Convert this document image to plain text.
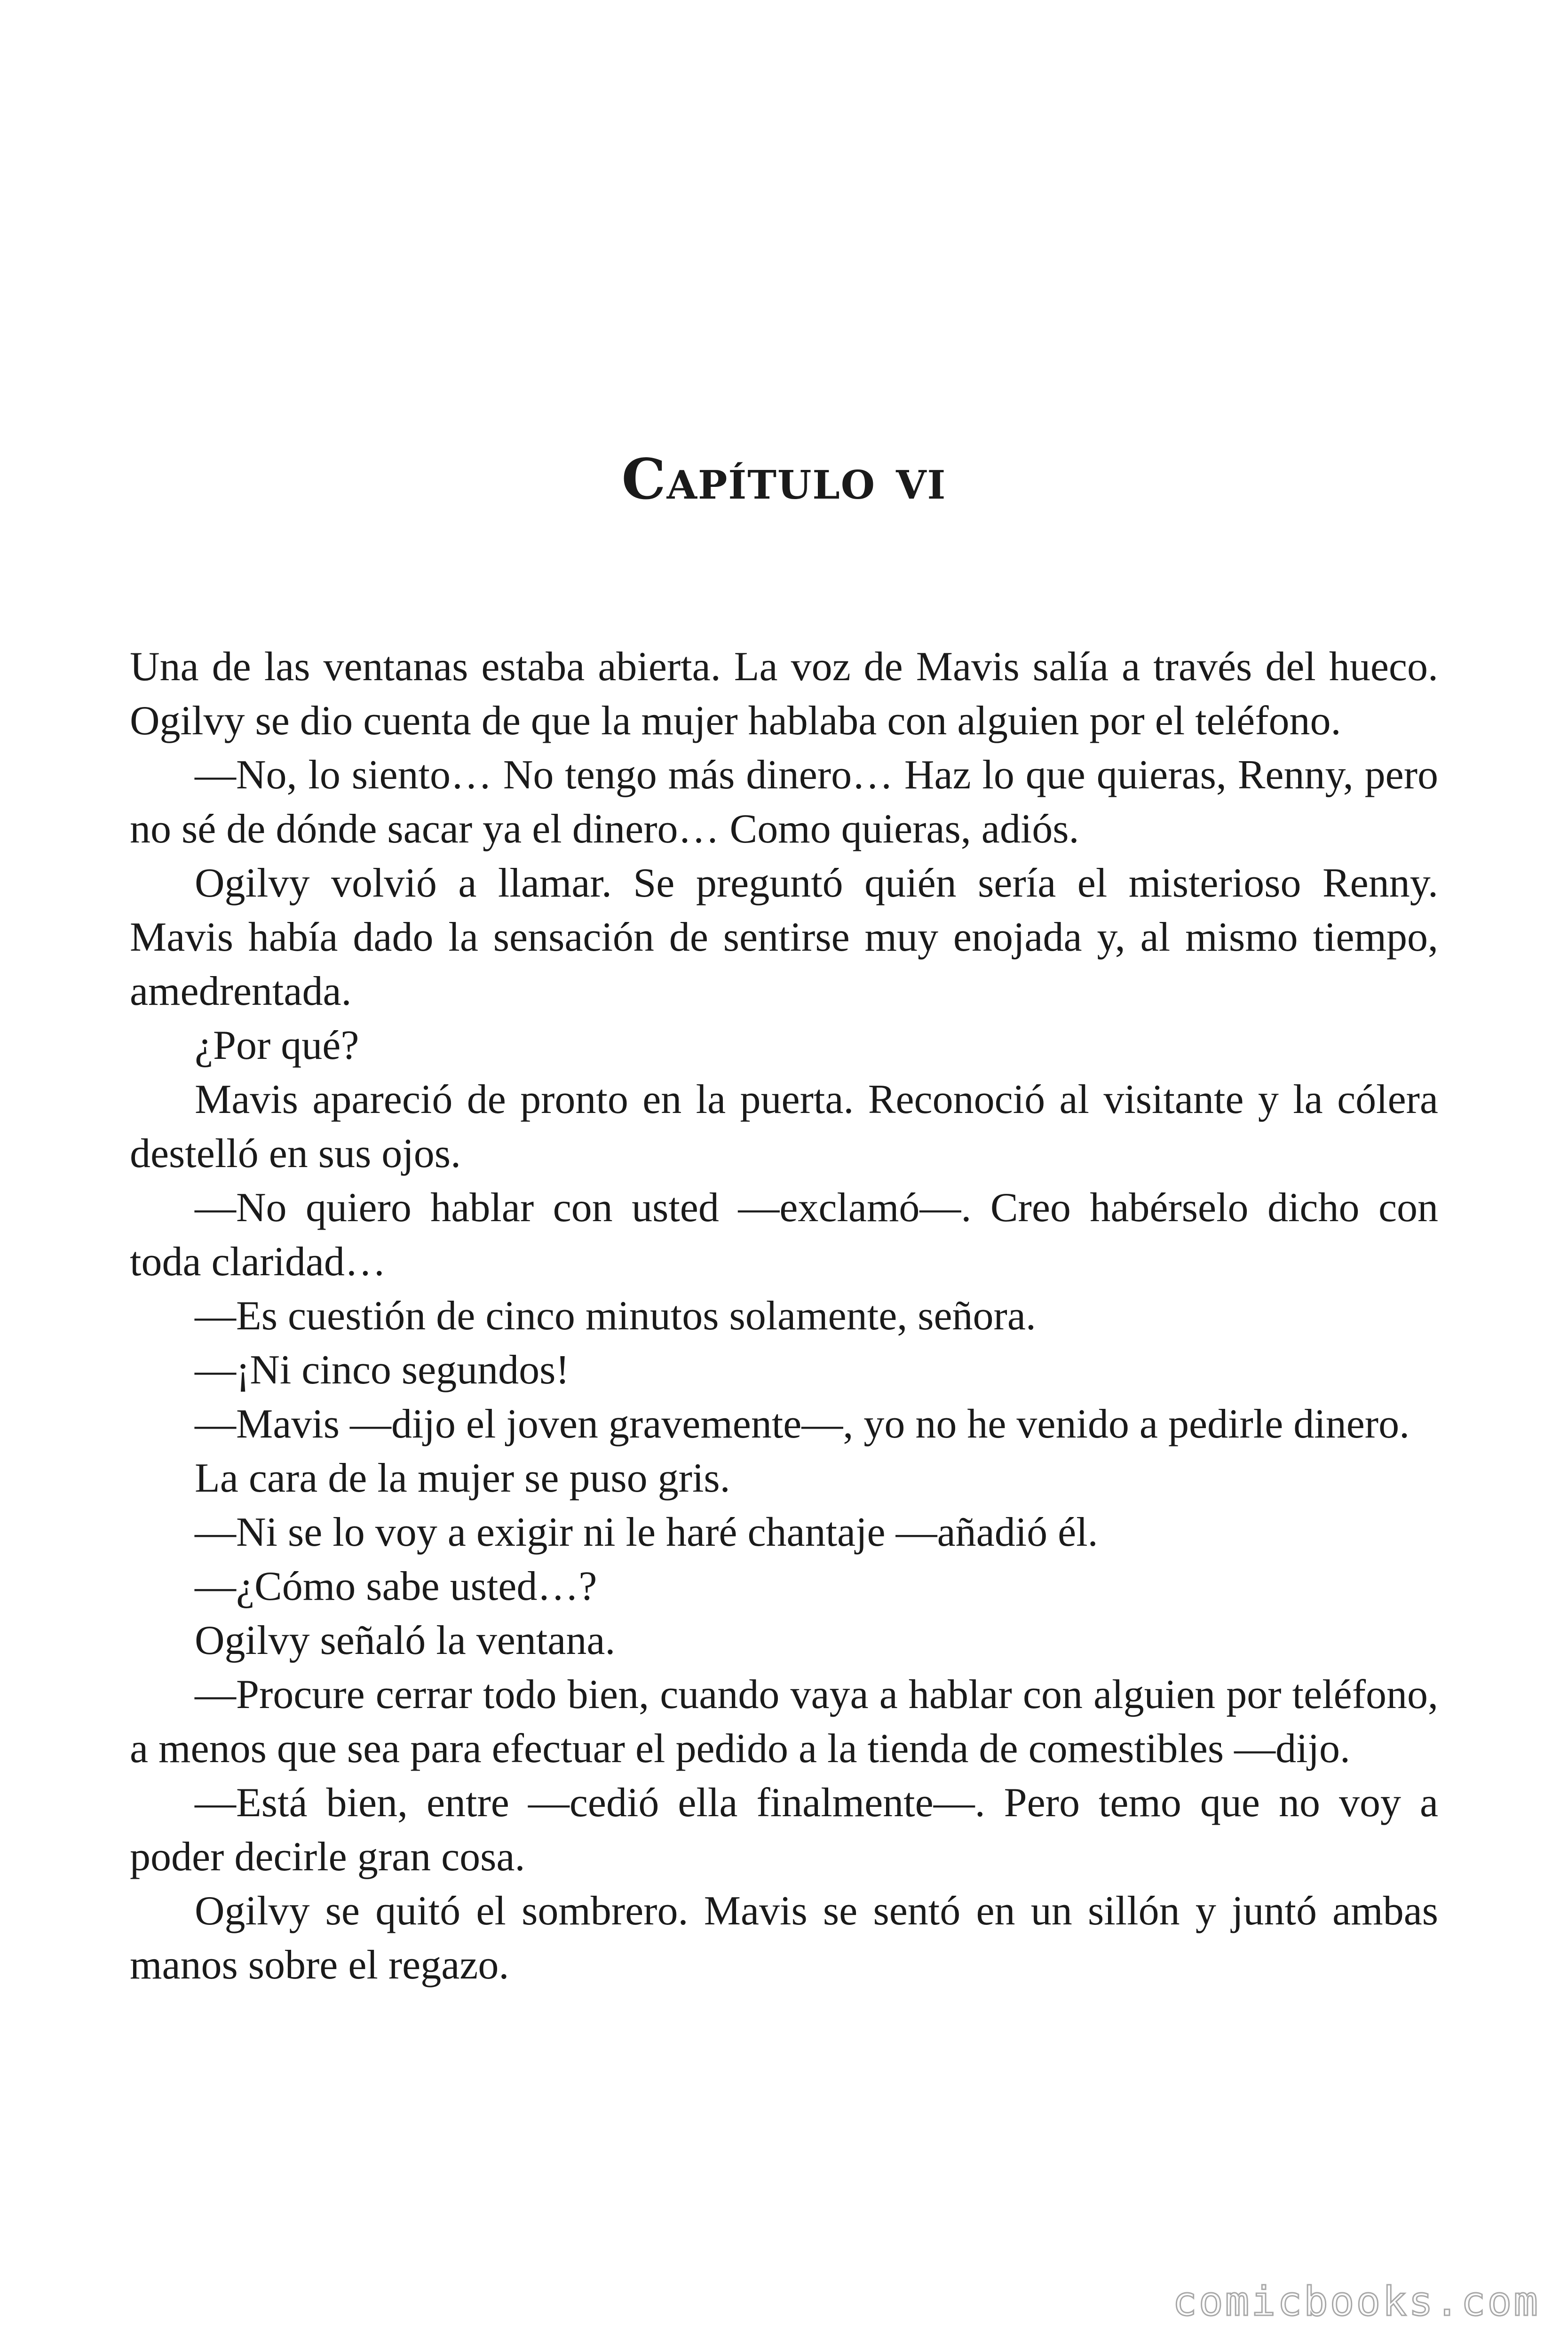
Capítulo vi

Una de las ventanas estaba abierta. La voz de Mavis salía a través del hueco. Ogilvy se dio cuenta de que la mujer hablaba con alguien por el teléfono.

—No, lo siento… No tengo más dinero… Haz lo que quieras, Renny, pero no sé de dónde sacar ya el dinero… Como quieras, adiós.

Ogilvy volvió a llamar. Se preguntó quién sería el misterioso Renny. Mavis había dado la sensación de sentirse muy enojada y, al mismo tiempo, amedrentada.

¿Por qué?

Mavis apareció de pronto en la puerta. Reconoció al visitante y la cólera destelló en sus ojos.

—No quiero hablar con usted —exclamó—. Creo habérselo dicho con toda claridad…

—Es cuestión de cinco minutos solamente, señora.

—¡Ni cinco segundos!

—Mavis —dijo el joven gravemente—, yo no he venido a pedirle dinero.

La cara de la mujer se puso gris.

—Ni se lo voy a exigir ni le haré chantaje —añadió él.

—¿Cómo sabe usted…?

Ogilvy señaló la ventana.

—Procure cerrar todo bien, cuando vaya a hablar con alguien por teléfono, a menos que sea para efectuar el pedido a la tienda de comestibles —dijo.

—Está bien, entre —cedió ella finalmente—. Pero temo que no voy a poder decirle gran cosa.

Ogilvy se quitó el sombrero. Mavis se sentó en un sillón y juntó ambas manos sobre el regazo.

comicbooks.com
